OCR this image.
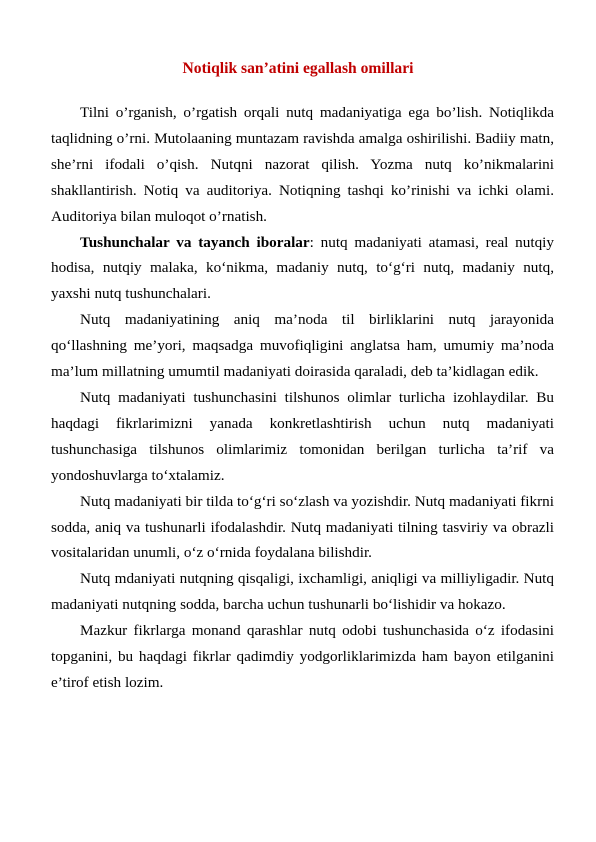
Notiqlik san’atini egallash omillari

Tilni o’rganish, o’rgatish orqali nutq madaniyatiga ega bo’lish. Notiqlikda taqlidning o’rni. Mutolaaning muntazam ravishda amalga oshirilishi. Badiiy matn, she’rni ifodali o’qish. Nutqni nazorat qilish. Yozma nutq ko’nikmalarini shakllantirish. Notiq va auditoriya. Notiqning tashqi ko’rinishi va ichki olami. Auditoriya bilan muloqot o’rnatish.

Tushunchalar va tayanch iboralar: nutq madaniyati atamasi, real nutqiy hodisa, nutqiy malaka, ko‘nikma, madaniy nutq, to‘g‘ri nutq, madaniy nutq, yaxshi nutq tushunchalari.

Nutq madaniyatining aniq ma’noda til birliklarini nutq jarayonida qo‘llashning me’yori, maqsadga muvofiqligini anglatsa ham, umumiy ma’noda ma’lum millatning umumtil madaniyati doirasida qaraladi, deb ta’kidlagan edik.

Nutq madaniyati tushunchasini tilshunos olimlar turlicha izohlaydilar. Bu haqdagi fikrlarimizni yanada konkretlashtirish uchun nutq madaniyati tushunchasiga tilshunos olimlarimiz tomonidan berilgan turlicha ta’rif va yondoshuvlarga to‘xtalamiz.

Nutq madaniyati bir tilda to‘g‘ri so‘zlash va yozishdir. Nutq madaniyati fikrni sodda, aniq va tushunarli ifodalashdir. Nutq madaniyati tilning tasviriy va obrazli vositalaridan unumli, o‘z o‘rnida foydalana bilishdir.

Nutq mdaniyati nutqning qisqaligi, ixchamligi, aniqligi va milliyligadir. Nutq madaniyati nutqning sodda, barcha uchun tushunarli bo‘lishidir va hokazo.

Mazkur fikrlarga monand qarashlar nutq odobi tushunchasida o‘z ifodasini topganini, bu haqdagi fikrlar qadimdiy yodgorliklarimizda ham bayon etilganini e’tirof etish lozim.
